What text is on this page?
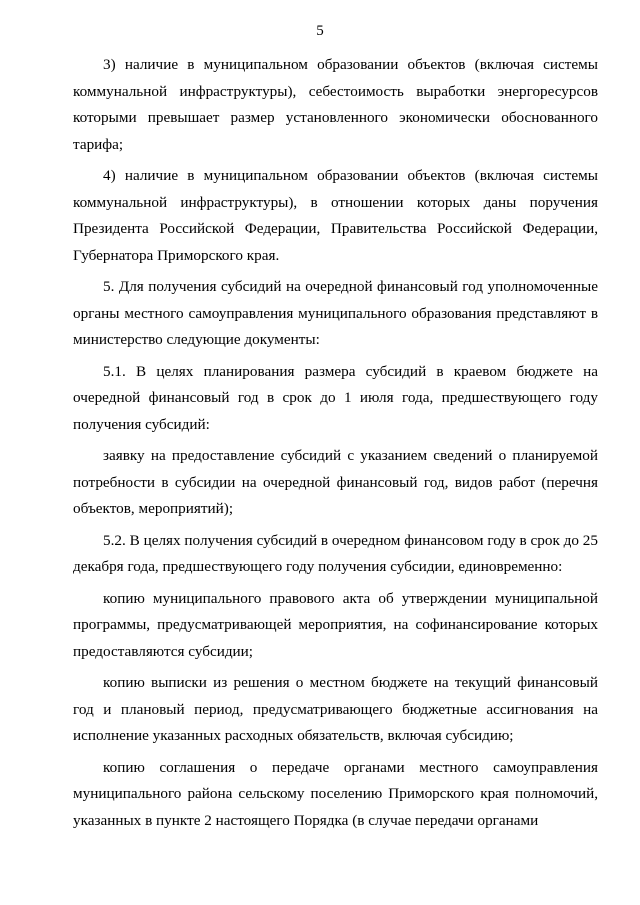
5

3) наличие в муниципальном образовании объектов (включая системы коммунальной инфраструктуры), себестоимость выработки энергоресурсов которыми превышает размер установленного экономически обоснованного тарифа;

4) наличие в муниципальном образовании объектов (включая системы коммунальной инфраструктуры), в отношении которых даны поручения Президента Российской Федерации, Правительства Российской Федерации, Губернатора Приморского края.

5. Для получения субсидий на очередной финансовый год уполномоченные органы местного самоуправления муниципального образования представляют в министерство следующие документы:

5.1. В целях планирования размера субсидий в краевом бюджете на очередной финансовый год в срок до 1 июля года, предшествующего году получения субсидий:

заявку на предоставление субсидий с указанием сведений о планируемой потребности в субсидии на очередной финансовый год, видов работ (перечня объектов, мероприятий);

5.2. В целях получения субсидий в очередном финансовом году в срок до 25 декабря года, предшествующего году получения субсидии, единовременно:

копию муниципального правового акта об утверждении муниципальной программы, предусматривающей мероприятия, на софинансирование которых предоставляются субсидии;

копию выписки из решения о местном бюджете на текущий финансовый год и плановый период, предусматривающего бюджетные ассигнования на исполнение указанных расходных обязательств, включая субсидию;

копию соглашения о передаче органами местного самоуправления муниципального района сельскому поселению Приморского края полномочий, указанных в пункте 2 настоящего Порядка (в случае передачи органами
